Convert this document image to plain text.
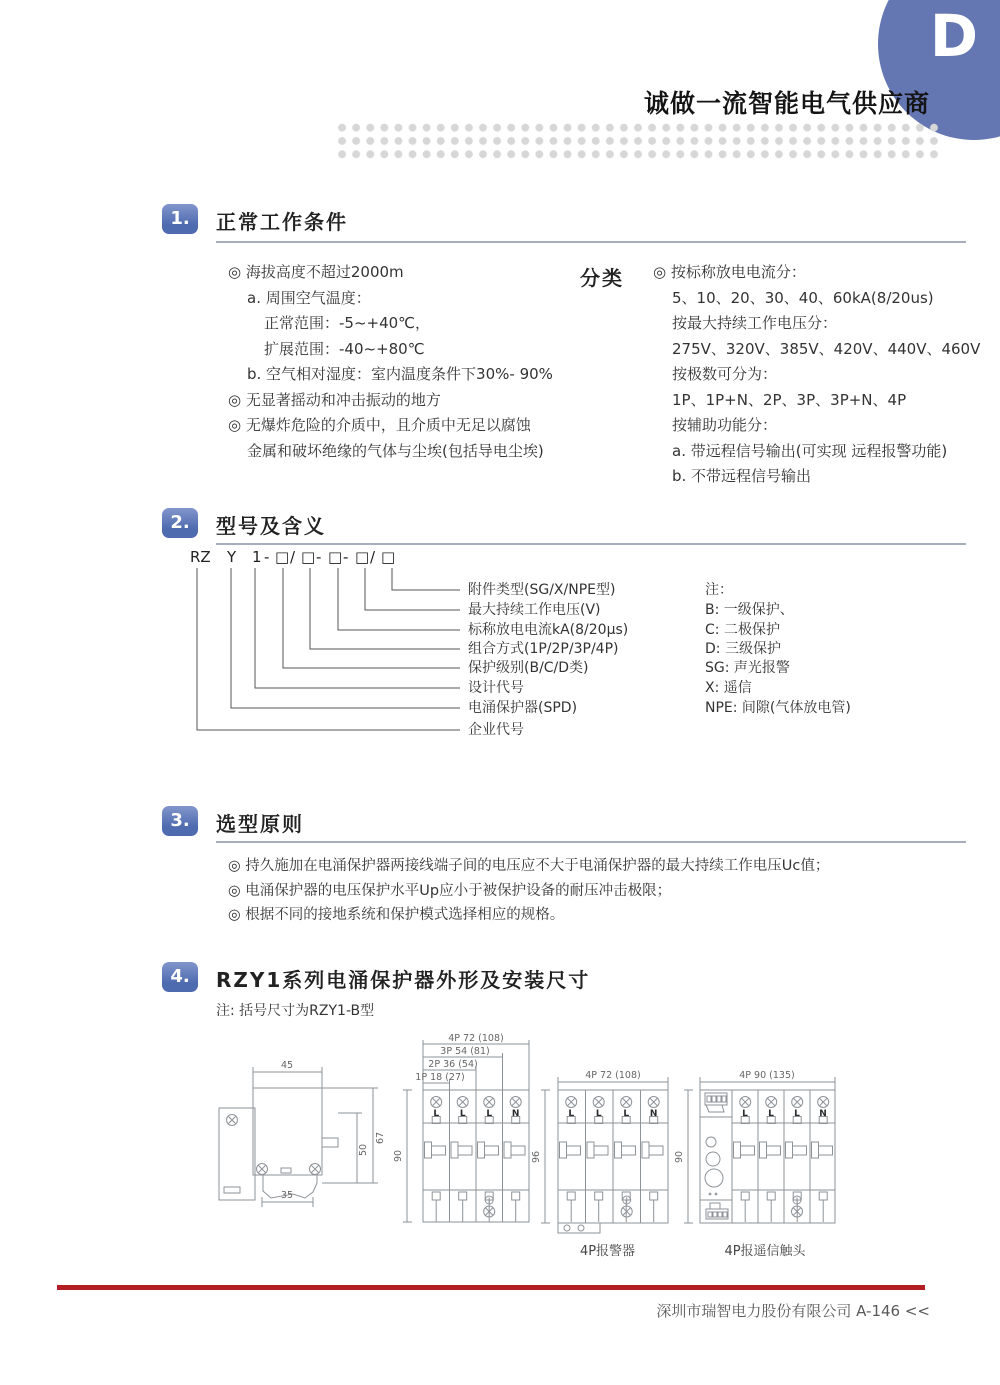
D
诚做一流智能电气供应商
1.	正常工作条件
◎ 海拔高度不超过2000m
a. 周围空气温度：
正常范围：-5~+40℃，
扩展范围：-40~+80℃
b. 空气相对湿度：室内温度条件下30%- 90%
◎ 无显著摇动和冲击振动的地方
◎ 无爆炸危险的介质中，且介质中无足以腐蚀
金属和破坏绝缘的气体与尘埃(包括导电尘埃)
分类 ◎ 按标称放电电流分：
5、10、20、30、40、60kA(8/20us)
按最大持续工作电压分：
275V、320V、385V、420V、440V、460V
按极数可分为：
1P、1P+N、2P、3P、3P+N、4P
按辅助功能分：
a. 带远程信号输出(可实现 远程报警功能)
b. 不带远程信号输出
2.	型号及含义
RZ Y 1 - □ / □ - □ - □ / □
附件类型(SG/X/NPE型)
最大持续工作电压(V)
标称放电电流kA(8/20μs)
组合方式(1P/2P/3P/4P)
保护级别(B/C/D类)
设计代号
电涌保护器(SPD)
企业代号
注：
B: 一级保护、
C: 二极保护
D: 三级保护
SG: 声光报警
X: 遥信
NPE: 间隙(气体放电管)
3.	选型原则
◎ 持久施加在电涌保护器两接线端子间的电压应不大于电涌保护器的最大持续工作电压Uc值；
◎ 电涌保护器的电压保护水平Up应小于被保护设备的耐压冲击极限；
◎ 根据不同的接地系统和保护模式选择相应的规格。
4.	RZY1系列电涌保护器外形及安装尺寸
注: 括号尺寸为RZY1-B型
45
67
50
35
4P 72 (108)
3P 54 (81)
2P 36 (54)
1P 18 (27)
90
L L L N
4P 72 (108)
96
L L L N
4P报警器
4P 90 (135)
90
L L L N
4P报遥信触头
深圳市瑞智电力股份有限公司 A-146 <<
